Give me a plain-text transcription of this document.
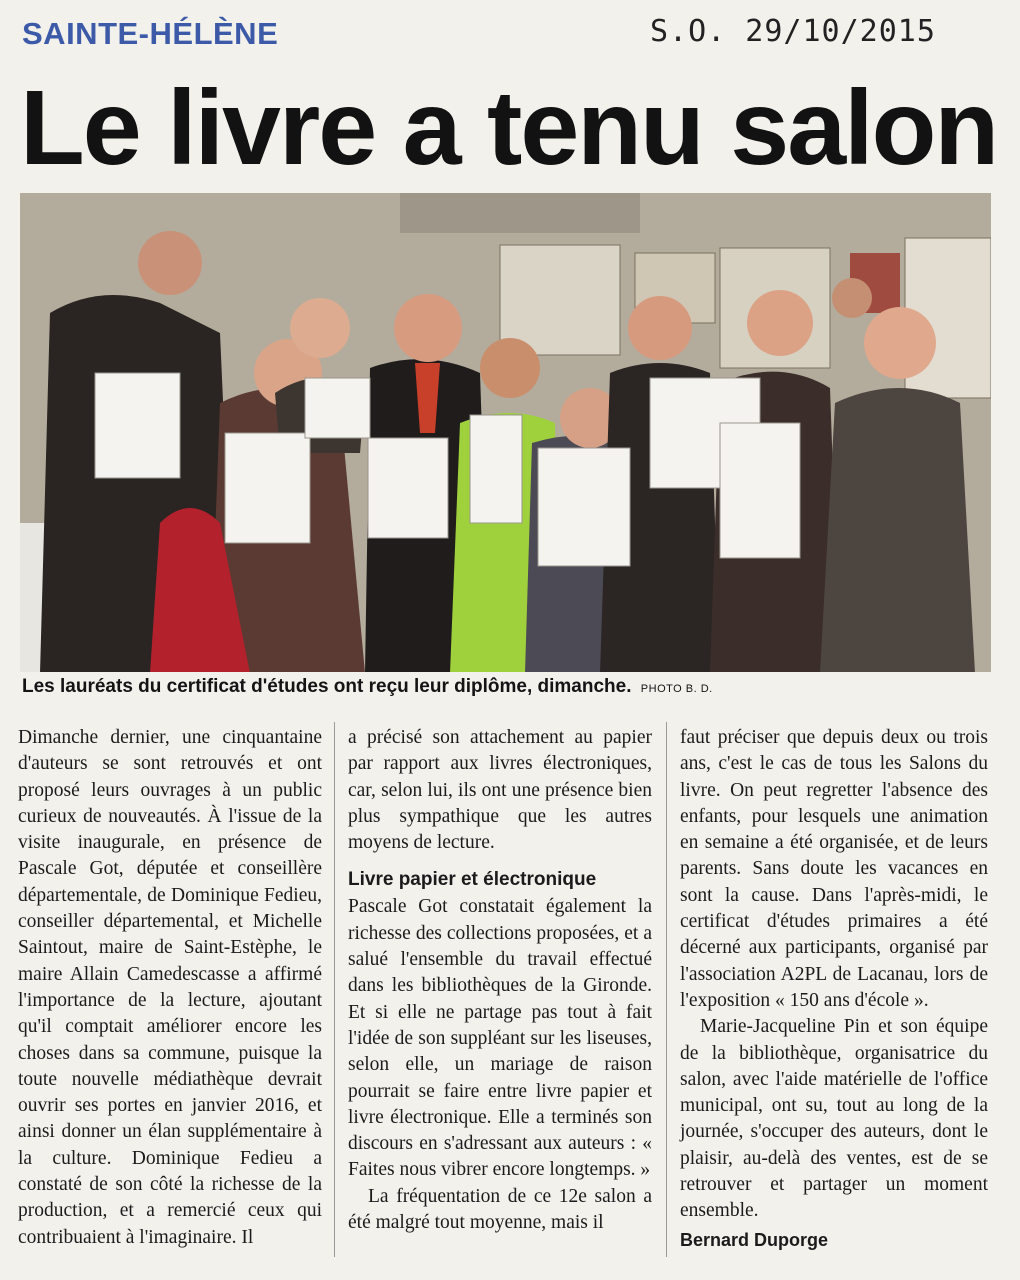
SAINTE-HÉLÈNE	S.O. 29/10/2015
Le livre a tenu salon
Les lauréats du certificat d'études ont reçu leur diplôme, dimanche. PHOTO B. D.

Dimanche dernier, une cinquantaine d'auteurs se sont retrouvés et ont proposé leurs ouvrages à un public curieux de nouveautés. À l'issue de la visite inaugurale, en présence de Pascale Got, députée et conseillère départementale, de Dominique Fedieu, conseiller départemental, et Michelle Saintout, maire de Saint-Estèphe, le maire Allain Camedescasse a affirmé l'importance de la lecture, ajoutant qu'il comptait améliorer encore les choses dans sa commune, puisque la toute nouvelle médiathèque devrait ouvrir ses portes en janvier 2016, et ainsi donner un élan supplémentaire à la culture. Dominique Fedieu a constaté de son côté la richesse de la production, et a remercié ceux qui contribuaient à l'imaginaire. Il

a précisé son attachement au papier par rapport aux livres électroniques, car, selon lui, ils ont une présence bien plus sympathique que les autres moyens de lecture.

Livre papier et électronique

Pascale Got constatait également la richesse des collections proposées, et a salué l'ensemble du travail effectué dans les bibliothèques de la Gironde. Et si elle ne partage pas tout à fait l'idée de son suppléant sur les liseuses, selon elle, un mariage de raison pourrait se faire entre livre papier et livre électronique. Elle a terminés son discours en s'adressant aux auteurs : « Faites nous vibrer encore longtemps. »

La fréquentation de ce 12e salon a été malgré tout moyenne, mais il

faut préciser que depuis deux ou trois ans, c'est le cas de tous les Salons du livre. On peut regretter l'absence des enfants, pour lesquels une animation en semaine a été organisée, et de leurs parents. Sans doute les vacances en sont la cause. Dans l'après-midi, le certificat d'études primaires a été décerné aux participants, organisé par l'association A2PL de Lacanau, lors de l'exposition « 150 ans d'école ».

Marie-Jacqueline Pin et son équipe de la bibliothèque, organisatrice du salon, avec l'aide matérielle de l'office municipal, ont su, tout au long de la journée, s'occuper des auteurs, dont le plaisir, au-delà des ventes, est de se retrouver et partager un moment ensemble.

Bernard Duporge
